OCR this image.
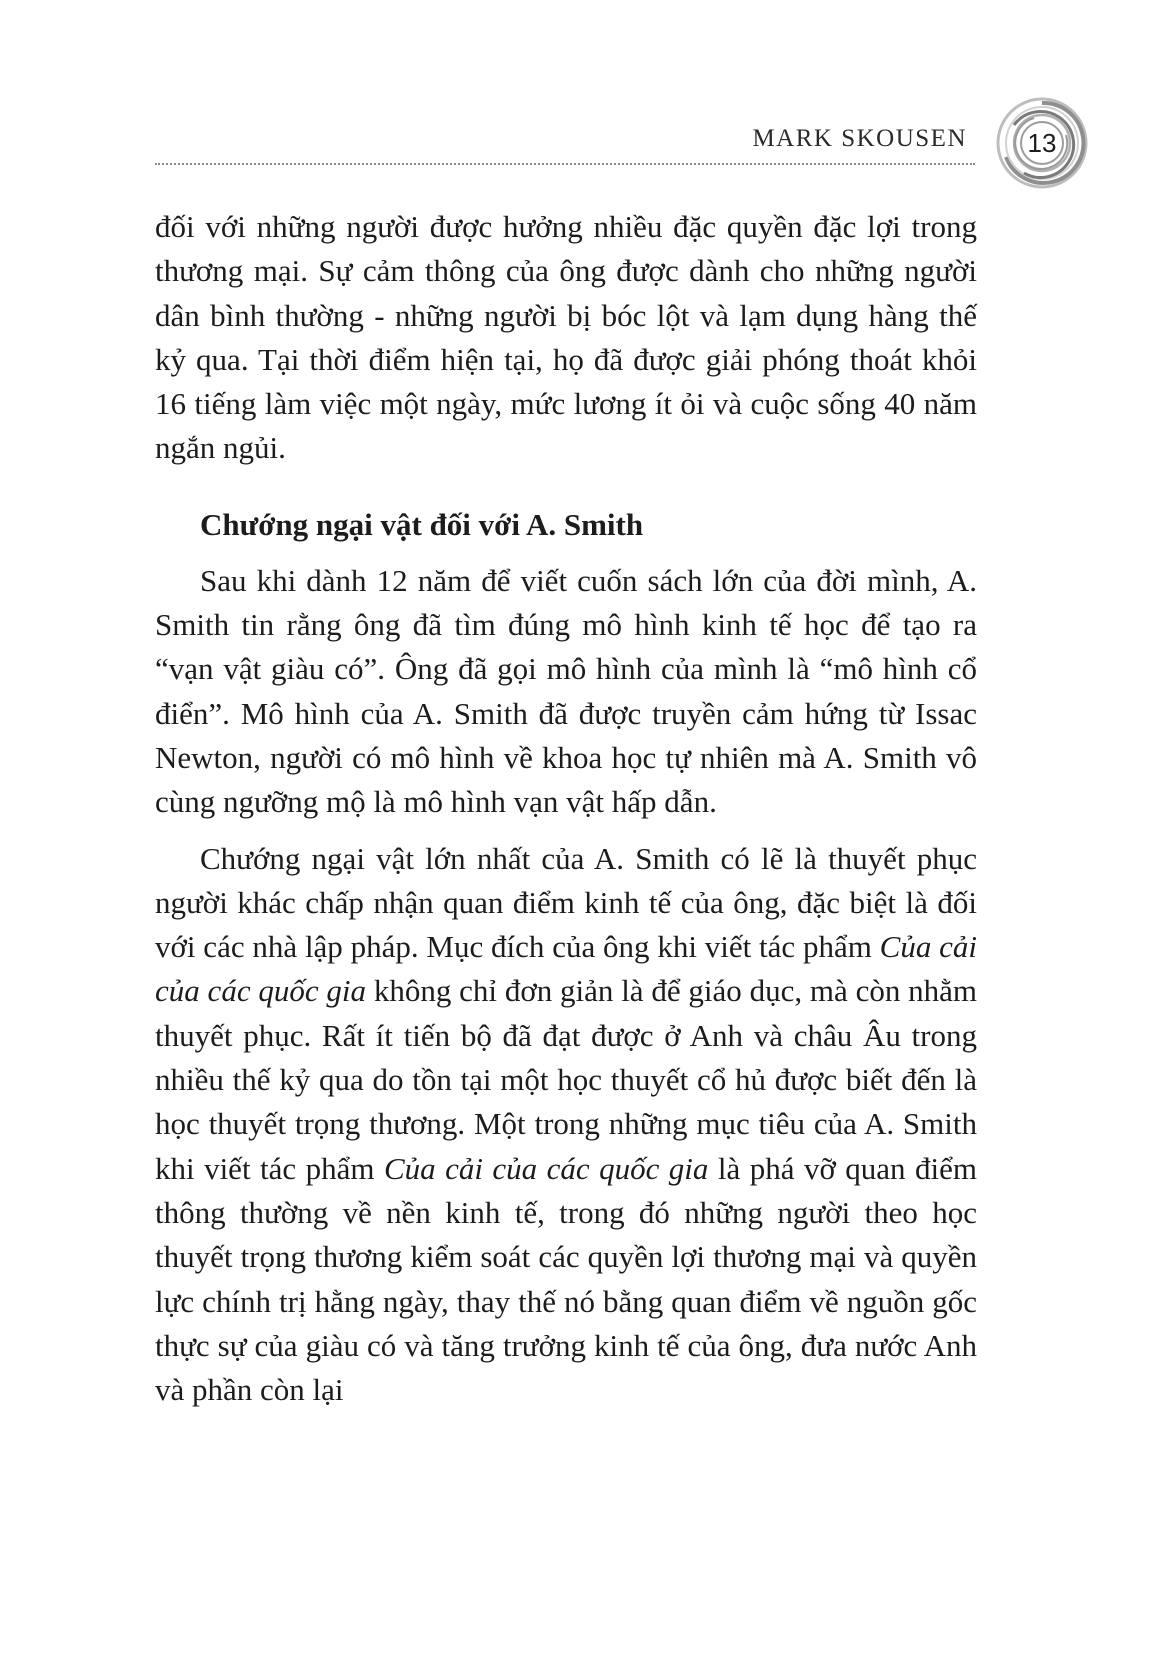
MARK SKOUSEN	13

đối với những người được hưởng nhiều đặc quyền đặc lợi trong thương mại. Sự cảm thông của ông được dành cho những người dân bình thường - những người bị bóc lột và lạm dụng hàng thế kỷ qua. Tại thời điểm hiện tại, họ đã được giải phóng thoát khỏi 16 tiếng làm việc một ngày, mức lương ít ỏi và cuộc sống 40 năm ngắn ngủi.

Chướng ngại vật đối với A. Smith

Sau khi dành 12 năm để viết cuốn sách lớn của đời mình, A. Smith tin rằng ông đã tìm đúng mô hình kinh tế học để tạo ra “vạn vật giàu có”. Ông đã gọi mô hình của mình là “mô hình cổ điển”. Mô hình của A. Smith đã được truyền cảm hứng từ Issac Newton, người có mô hình về khoa học tự nhiên mà A. Smith vô cùng ngưỡng mộ là mô hình vạn vật hấp dẫn.

Chướng ngại vật lớn nhất của A. Smith có lẽ là thuyết phục người khác chấp nhận quan điểm kinh tế của ông, đặc biệt là đối với các nhà lập pháp. Mục đích của ông khi viết tác phẩm Của cải của các quốc gia không chỉ đơn giản là để giáo dục, mà còn nhằm thuyết phục. Rất ít tiến bộ đã đạt được ở Anh và châu Âu trong nhiều thế kỷ qua do tồn tại một học thuyết cổ hủ được biết đến là học thuyết trọng thương. Một trong những mục tiêu của A. Smith khi viết tác phẩm Của cải của các quốc gia là phá vỡ quan điểm thông thường về nền kinh tế, trong đó những người theo học thuyết trọng thương kiểm soát các quyền lợi thương mại và quyền lực chính trị hằng ngày, thay thế nó bằng quan điểm về nguồn gốc thực sự của giàu có và tăng trưởng kinh tế của ông, đưa nước Anh và phần còn lại
